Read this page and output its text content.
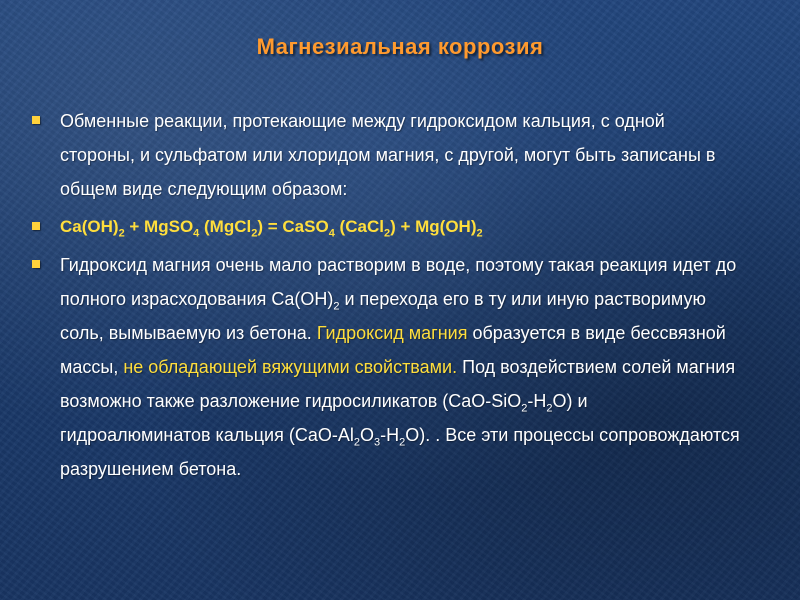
Магнезиальная коррозия
Обменные реакции, протекающие между гидроксидом кальция, с одной стороны, и сульфатом или хлоридом магния, с другой, могут быть записаны в общем виде следующим образом:
$Ca(OH)_2$ + MgSO$_4$ (MgCl$_2$) = CaSO$_4$ (CaCl$_2$) + $Mg(OH)_2$
Гидроксид магния очень мало растворим в воде, поэтому такая реакция идет до полного израсходования $Ca(OH)_2$ и перехода его в ту или иную растворимую соль, вымываемую из бетона. Гидроксид магния образуется в виде бессвязной массы, не обладающей вяжущими свойствами. Под воздействием солей магния возможно также разложение гидросиликатов $(CaO-SiO_2-H_2O)$ и гидроалюминатов кальция $(CaO-Al_2O_3-H_2O)$. . Все эти процессы сопровождаются разрушением бетона.
